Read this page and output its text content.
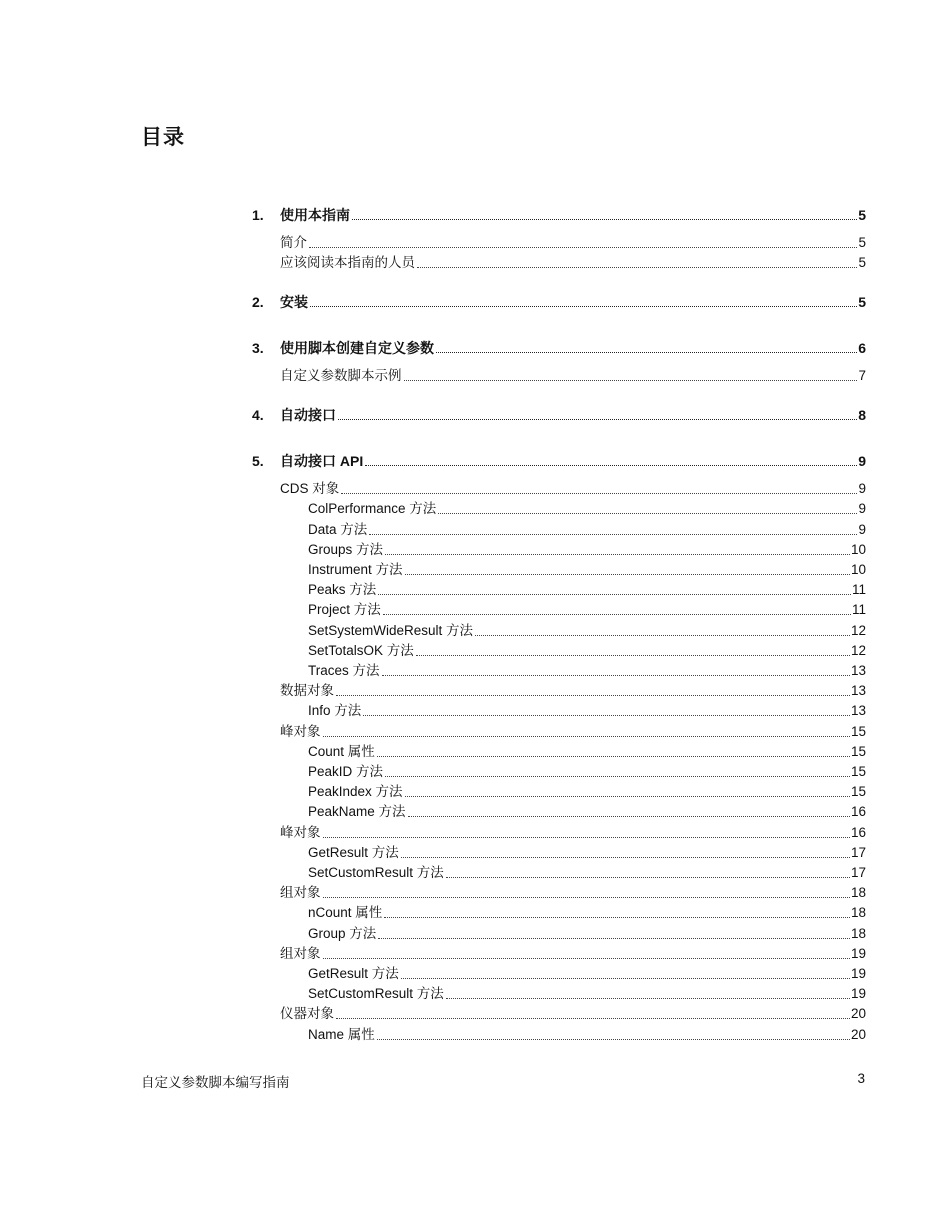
目录
1. 使用本指南	5
简介	5
应该阅读本指南的人员	5
2. 安装	5
3. 使用脚本创建自定义参数	6
自定义参数脚本示例	7
4. 自动接口	8
5. 自动接口 API	9
CDS 对象	9
ColPerformance 方法	9
Data 方法	9
Groups 方法	10
Instrument 方法	10
Peaks 方法	11
Project 方法	11
SetSystemWideResult 方法	12
SetTotalsOK 方法	12
Traces 方法	13
数据对象	13
Info 方法	13
峰对象	15
Count 属性	15
PeakID 方法	15
PeakIndex 方法	15
PeakName 方法	16
峰对象	16
GetResult 方法	17
SetCustomResult 方法	17
组对象	18
nCount 属性	18
Group 方法	18
组对象	19
GetResult 方法	19
SetCustomResult 方法	19
仪器对象	20
Name 属性	20
自定义参数脚本编写指南	3
